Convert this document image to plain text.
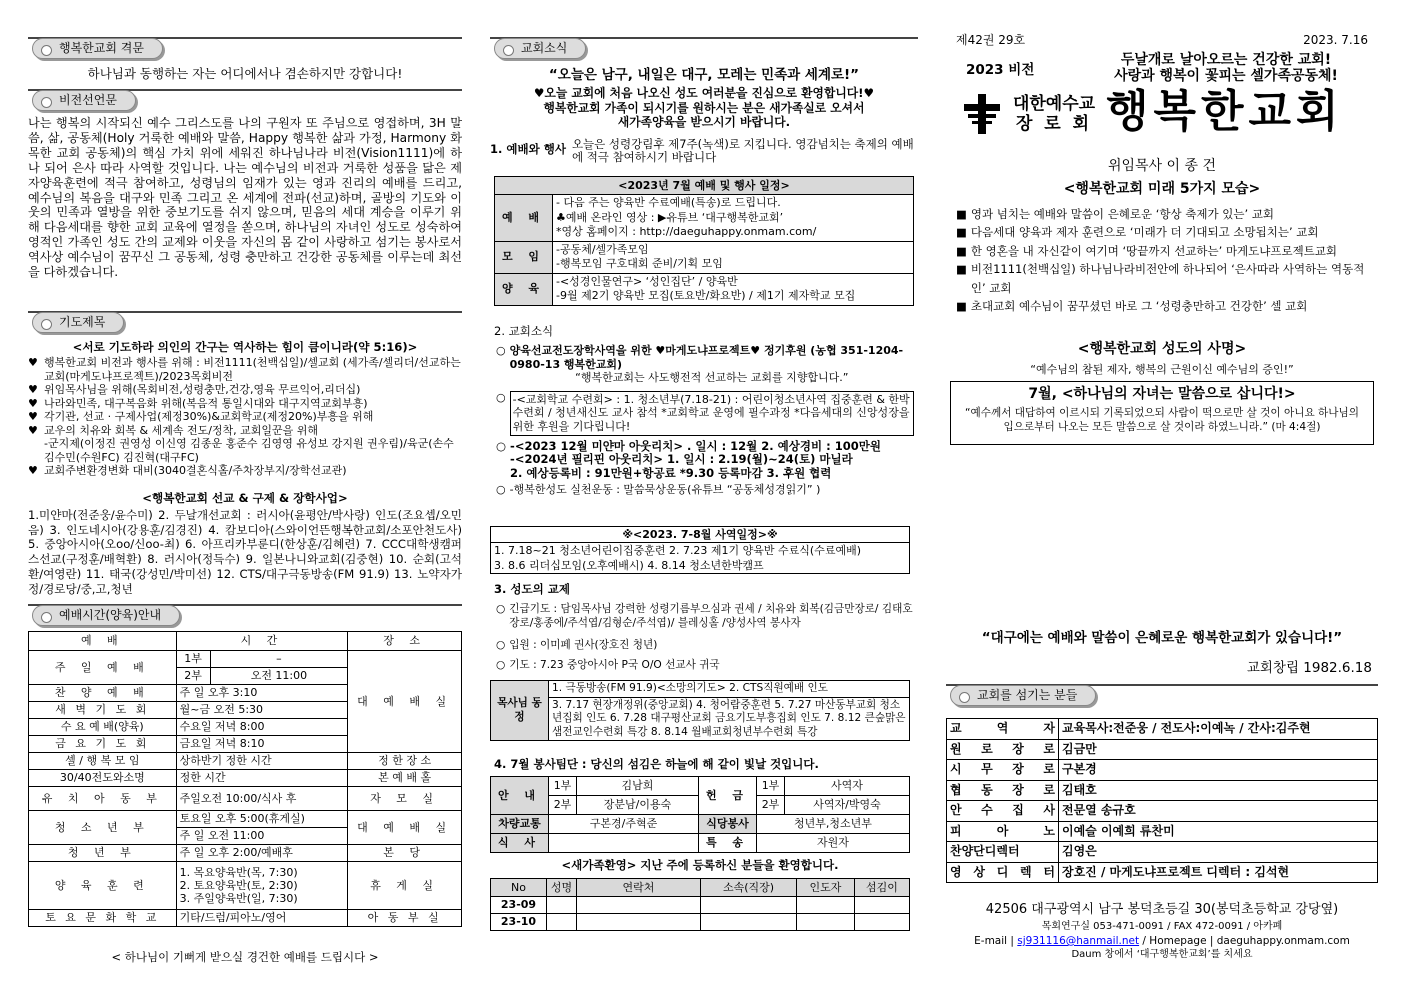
행복한교회 격문
하나님과 동행하는 자는 어디에서나 겸손하지만 강합니다!
비전선언문
나는 행복의 시작되신 예수 그리스도를 나의 구원자 또 주님으로 영접하며, 3H 말씀, 삶, 공동체(Holy 거룩한 예배와 말씀, Happy 행복한 삶과 가정, Harmony 화목한 교회 공동체)의 핵심 가치 위에 세워진 하나님나라 비전(Vision1111)에 하나 되어 은사 따라 사역할 것입니다. 나는 예수님의 비전과 거룩한 성품을 닮은 제자양육훈련에 적극 참여하고, 성령님의 임재가 있는 영과 진리의 예배를 드리고, 예수님의 복음을 대구와 민족 그리고 온 세계에 전파(선교)하며, 골방의 기도와 이웃의 민족과 열방을 위한 중보기도를 쉬지 않으며, 믿음의 세대 계승을 이루기 위해 다음세대를 향한 교회 교육에 열정을 쏟으며, 하나님의 자녀인 성도로 성숙하여 영적인 가족인 성도 간의 교제와 이웃을 자신의 몸 같이 사랑하고 섬기는 봉사로서 역사상 예수님이 꿈꾸신 그 공동체, 성령 충만하고 건강한 공동체를 이루는데 최선을 다하겠습니다.
기도제목
<서로 기도하라 의인의 간구는 역사하는 힘이 큼이니라(약 5:16)>
♥ 행복한교회 비전과 행사를 위해 : 비전1111(천백십일)/셀교회 (세가족/셀리더/선교하는교회(마게도냐프로젝트)/2023목회비전
♥ 위임목사님을 위해(목회비전,성령충만,건강,영육 무르익어,리더십)
♥ 나라와민족, 대구복음화 위해(복음적 통일시대와 대구지역교회부흥)
♥ 각기관, 선교 · 구제사업(제정30%)&교회학교(제정20%)부흥을 위해
♥ 교우의 치유와 회복 & 세계속 전도/정착, 교회일꾼을 위해
-군지제(이정진 권영성 이신영 김종운 홍준수 김영영 유성보 강지원 권우림)/육군(손수 김수민(수원FC) 김진혁(대구FC)
♥ 교회주변환경변화 대비(3040결혼식홀/주차장부지/장학선교관)
<행복한교회 선교 & 구제 & 장학사업>
1.미얀마(전준웅/윤수미) 2. 두날개선교회 : 러시아(윤평안/박사랑) 인도(조요셉/오민음) 3. 인도네시아(강용훈/김경진) 4. 캄보디아(스와이언뜬행복한교회/소포안천도사) 5. 중앙아시아(오oo/신oo-최) 6. 아프리카부룬디(한상훈/김혜련) 7. CCC대학생캠퍼스선교(구정훈/배혁환) 8. 러시아(정득수) 9. 일본나니와교회(김중현) 10. 순회(고석환/여영란) 11. 태국(강성민/박미선) 12. CTS/대구극동방송(FM 91.9) 13. 노약자가정/경로당/중,고,청년
예배시간(양육)안내
예 배	시 간		장 소
주 일 예 배	1부	–	대 예 배 실
	2부	오전 11:00	
찬 양 예 배	주 일 오후 3:10		
새 벽 기 도 회	월~금 오전 5:30		
수 요 예 배(양육)	수요일 저녁 8:00		
금 요 기 도 회	금요일 저녁 8:10		
셀 / 행 복 모 임	상하반기 정한 시간		정 한 장 소
30/40전도와소명	정한 시간		본 예 배 홀
유 치 아 동 부	주일오전 10:00/식사 후		자 모 실
청 소 년 부	토요일 오후 5:00(휴게실)		대 예 배 실
	주 일 오전 11:00		
청 년 부	주 일 오후 2:00/예배후		본 당
양 육 훈 련	1. 목요양육반(목, 7:30)
2. 토요양육반(토, 2:30)
3. 주일양육반(일, 7:30)		휴 게 실
토 요 문 화 학 교	기타/드럼/피아노/영어		아 동 부 실
< 하나님이 기뻐게 받으실 경건한 예배를 드립시다 >
교회소식
“오늘은 남구, 내일은 대구, 모레는 민족과 세계로!”
♥오늘 교회에 처음 나오신 성도 여러분을 진심으로 환영합니다!♥
행복한교회 가족이 되시기를 원하시는 분은 새가족실로 오셔서
새가족양육을 받으시기 바랍니다.
1. 예배와 행사 오늘은 성령강림후 제7주(녹색)로 지킵니다. 영감넘치는 축제의 예배에 적극 참여하시기 바랍니다
<2023년 7월 예배 및 행사 일정>	
예 배	- 다음 주는 양육반 수료예배(특송)로 드립니다.
♣예배 온라인 영상 : ▶유튜브 ‘대구행복한교회’
*영상 홈페이지 : http://daeguhappy.onmam.com/

모 임	-공동체/셀가족모임
-행복모임 구호대회 준비/기획 모임

양 육	-<성경인물연구> ‘성인집단’ / 양육반
-9월 제2기 양육반 모집(토요반/화요반) / 제1기 제자학교 모집
2. 교회소식
○ 양육선교전도장학사역을 위한 ♥마게도냐프로젝트♥ 정기후원 (농협 351-1204-0980-13 행복한교회)
“행복한교회는 사도행전적 선교하는 교회를 지향합니다.”
○ -<교회학교 수련회> : 1. 청소년부(7.18-21) : 어린이청소년사역 집중훈련 & 한박수련회 / 청년새신도 교사 참석 *교회학교 운영에 필수과정 *다음세대의 신앙성장을 위한 후원을 기다립니다!
○ -<2023 12월 미얀마 아웃리치> . 일시 : 12월 2. 예상경비 : 100만원
-<2024년 필리핀 아웃리치> 1. 일시 : 2.19(월)~24(토) 마닐라
2. 예상등록비 : 91만원+항공료 *9.30 등록마감 3. 후원 협력
○ -행복한성도 실천운동 : 말씀묵상운동(유튜브 “공동체성경읽기” )
※<2023. 7-8월 사역일정>※
1. 7.18~21 청소년어린이집중훈련 2. 7.23 제1기 양육반 수료식(수료예배)
3. 8.6 리더십모임(오후예배시) 4. 8.14 청소년한박캠프
3. 성도의 교제
○ 긴급기도 : 담임목사님 강력한 성령기름부으심과 권세 / 치유와 회복(김금만장로/ 김태호장로/홍종에/주석엽/김형순/주석엽)/ 블레싱홀 /양성사역 봉사자
○ 입원 : 이미페 권사(장호진 청년)
○ 기도 : 7.23 중앙아시아 P국 O/O 선교사 귀국
목사님 동 정	1. 극동방송(FM 91.9)<소망의기도> 2. CTS직원예배 인도
3. 7.17 현장개정위(중앙교회) 4. 청어람중훈련 5. 7.27 마산동부교회 청소년집회 인도 6. 7.28 대구평산교회 금요기도부흥집회 인도 7. 8.12 큰숲맑은샘전교인수련회 특강 8. 8.14 월배교회청년부수련회 특강
4. 7월 봉사팀단 : 당신의 섬김은 하늘에 해 같이 빛날 것입니다.
안 내	1부	김남희	헌 금	1부	사역자
	2부	장분남/이용숙		2부	사역자/박영숙
차량교통	구본경/주혁준		식당봉사	청년부,청소년부	
식 사			특 송	자원자	
<새가족환영> 지난 주에 등록하신 분들을 환영합니다.
No	성명	연락처	소속(직장)	인도자	섬김이
23-09					
23-10					
제42권 29호	2023. 7.16
2023 비전
두날개로 날아오르는 건강한 교회!
사랑과 행복이 꽃피는 셀가족공동체!
대한예수교
장 로 회 행복한교회
위임목사 이 종 건
<행복한교회 미래 5가지 모습>
■ 영과 넘치는 예배와 말씀이 은혜로운 ‘항상 축제가 있는’ 교회
■ 다음세대 양육과 제자 훈련으로 ‘미래가 더 기대되고 소망됩치는’ 교회
■ 한 영혼을 내 자신같이 여기며 ‘땅끝까지 선교하는’ 마게도냐프로젝트교회
■ 비전1111(천백십일) 하나님나라비전안에 하나되어 ‘은사따라 사역하는 역동적인’ 교회
■ 초대교회 예수님이 꿈꾸셨던 바로 그 ‘성령충만하고 건강한’ 셀 교회
<행복한교회 성도의 사명>
“예수님의 참된 제자, 행복의 근원이신 예수님의 증인!”
7월, <하나님의 자녀는 말씀으로 삽니다!>
“예수께서 대답하여 이르시되 기록되었으되 사람이 떡으로만 살 것이 아니요 하나님의 입으로부터 나오는 모든 말씀으로 살 것이라 하였느니라.” (마 4:4절)
“대구에는 예배와 말씀이 은혜로운 행복한교회가 있습니다!”
교회창립 1982.6.18
교회를 섬기는 분들
교 역 자	교육목사:전준웅 / 전도사:이예녹 / 간사:김주현
원 로 장 로	김금만
시 무 장 로	구본경
협 동 장 로	김태호
안 수 집 사	전문열 송규호
피 아 노	이예슬 이예희 류찬미
찬양단디렉터	김영은
영 상 디 렉 터	장호진 / 마게도냐프로젝트 디렉터 : 김석현
42506 대구광역시 남구 봉덕초등길 30(봉덕초등학교 강당옆)
목회연구실 053-471-0091 / FAX 472-0091 / 아카폐
E-mail | sj931116@hanmail.net / Homepage | daeguhappy.onmam.com
Daum 창에서 ‘대구행복한교회’를 치세요
